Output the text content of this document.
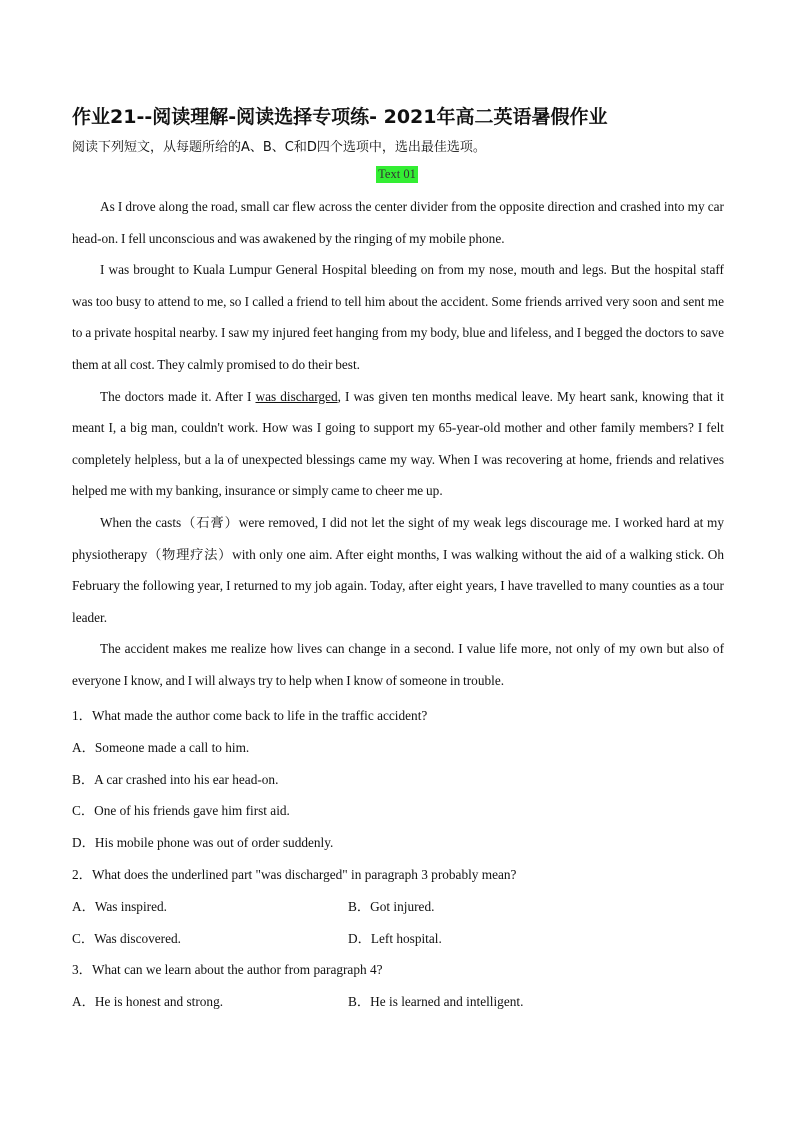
作业21--阅读理解-阅读选择专项练- 2021年高二英语暑假作业
阅读下列短文，从每题所给的A、B、C和D四个选项中，选出最佳选项。
Text 01

As I drove along the road, small car flew across the center divider from the opposite direction and crashed into my car head-on. I fell unconscious and was awakened by the ringing of my mobile phone.

I was brought to Kuala Lumpur General Hospital bleeding on from my nose, mouth and legs. But the hospital staff was too busy to attend to me, so I called a friend to tell him about the accident. Some friends arrived very soon and sent me to a private hospital nearby. I saw my injured feet hanging from my body, blue and lifeless, and I begged the doctors to save them at all cost. They calmly promised to do their best.

The doctors made it. After I was discharged, I was given ten months medical leave. My heart sank, knowing that it meant I, a big man, couldn't work. How was I going to support my 65-year-old mother and other family members? I felt completely helpless, but a la of unexpected blessings came my way. When I was recovering at home, friends and relatives helped me with my banking, insurance or simply came to cheer me up.

When the casts（石膏）were removed, I did not let the sight of my weak legs discourage me. I worked hard at my physiotherapy（物理疗法）with only one aim. After eight months, I was walking without the aid of a walking stick. Oh February the following year, I returned to my job again. Today, after eight years, I have travelled to many counties as a tour leader.

The accident makes me realize how lives can change in a second. I value life more, not only of my own but also of everyone I know, and I will always try to help when I know of someone in trouble.

1．What made the author come back to life in the traffic accident?
A．Someone made a call to him.
B．A car crashed into his ear head-on.
C．One of his friends gave him first aid.
D．His mobile phone was out of order suddenly.
2．What does the underlined part "was discharged" in paragraph 3 probably mean?
A．Was inspired.	B．Got injured.
C．Was discovered.	D．Left hospital.
3．What can we learn about the author from paragraph 4?
A．He is honest and strong.	B．He is learned and intelligent.
